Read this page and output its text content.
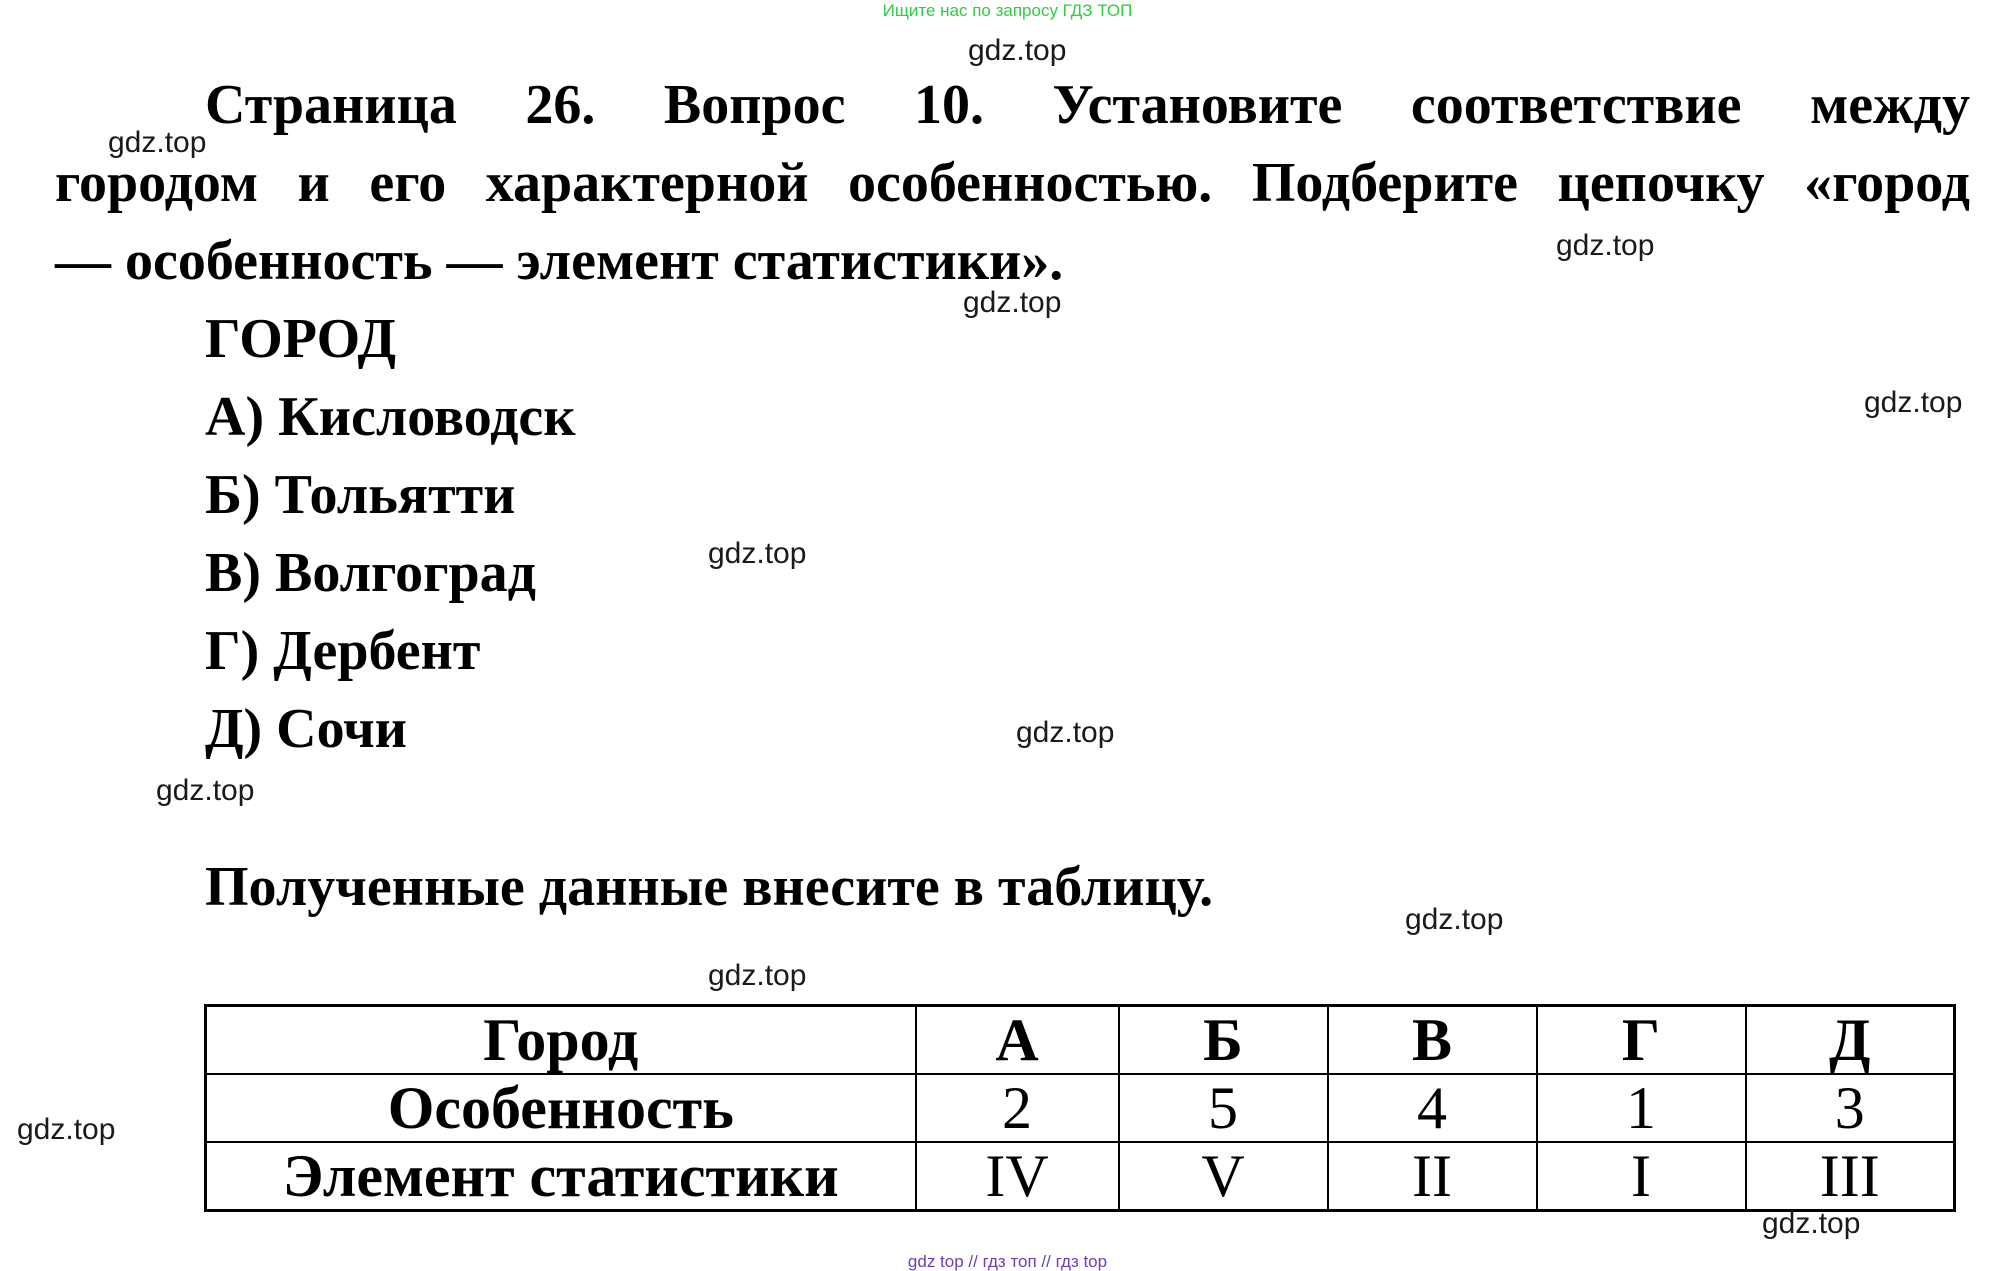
Ищите нас по запросу ГДЗ ТОП
Страница 26. Вопрос 10. Установите соответствие между
городом и его характерной особенностью. Подберите цепочку «город
— особенность — элемент статистики».
ГОРОД
А) Кисловодск
Б) Тольятти
В) Волгоград
Г) Дербент
Д) Сочи
Полученные данные внесите в таблицу.
Город	А	Б	В	Г	Д
Особенность	2	5	4	1	3
Элемент статистики	IV	V	II	I	III
gdz.top
gdz.top
gdz.top
gdz.top
gdz.top
gdz.top
gdz.top
gdz.top
gdz.top
gdz.top
gdz.top
gdz.top
gdz top // гдз топ // гдз top
